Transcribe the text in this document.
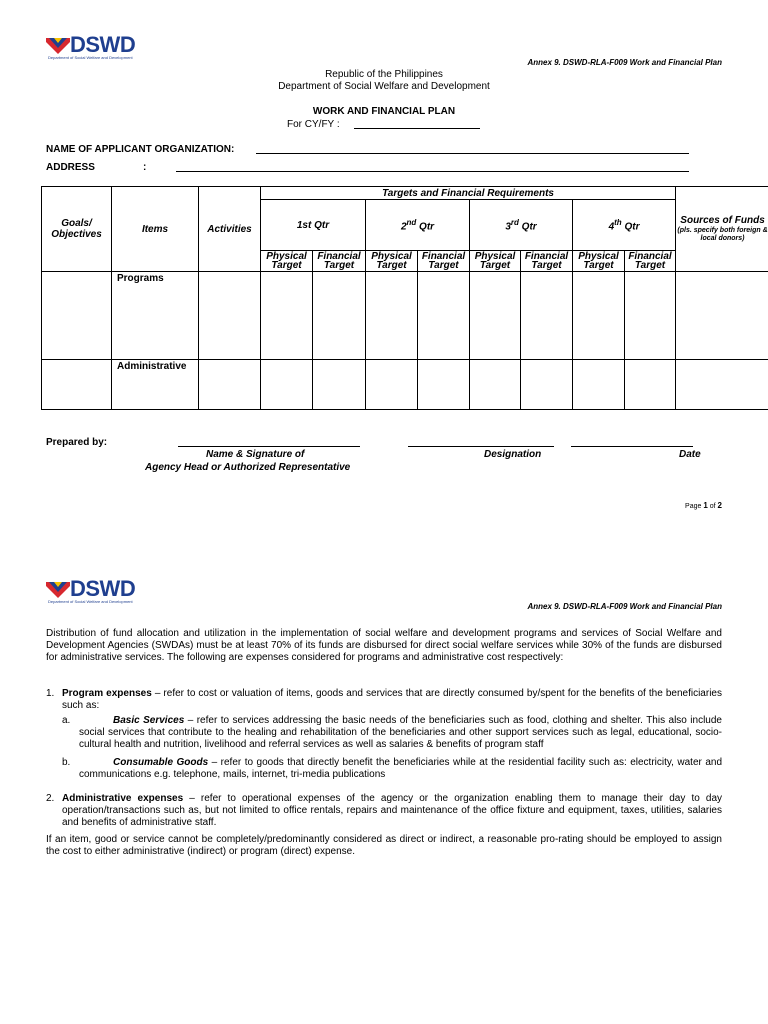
DSWD
Department of Social Welfare and Development
Annex 9. DSWD-RLA-F009 Work and Financial Plan
Republic of the Philippines
Department of Social Welfare and Development
WORK AND FINANCIAL PLAN
For CY/FY :
NAME OF APPLICANT ORGANIZATION:
ADDRESS	:
Goals/ Objectives	Items	Activities	Targets and Financial Requirements								Sources of Funds
(pls. specify both foreign & local donors)

			1st Qtr		2nd Qtr		3rd Qtr		4th Qtr		
			Physical Target	Financial Target	Physical Target	Financial Target	Physical Target	Financial Target	Physical Target	Financial Target	
	Programs										
	Administrative										
Prepared by:
Name & Signature of
Agency Head or Authorized Representative
Designation	Date
Page 1 of 2
DSWD
Department of Social Welfare and Development
Annex 9. DSWD-RLA-F009 Work and Financial Plan
Distribution of fund allocation and utilization in the implementation of social welfare and development programs and services of Social Welfare and Development Agencies (SWDAs) must be at least 70% of its funds are disbursed for direct social welfare services while 30% of the funds are disbursed for administrative services. The following are expenses considered for programs and administrative cost respectively:
1. Program expenses – refer to cost or valuation of items, goods and services that are directly consumed by/spent for the benefits of the beneficiaries such as:
a.	Basic Services – refer to services addressing the basic needs of the beneficiaries such as food, clothing and shelter. This also include social services that contribute to the healing and rehabilitation of the beneficiaries and other support services such as legal, educational, socio-cultural health and nutrition, livelihood and referral services as well as salaries & benefits of program staff
b.	Consumable Goods – refer to goods that directly benefit the beneficiaries while at the residential facility such as: electricity, water and communications e.g. telephone, mails, internet, tri-media publications
2. Administrative expenses – refer to operational expenses of the agency or the organization enabling them to manage their day to day operation/transactions such as, but not limited to office rentals, repairs and maintenance of the office fixture and equipment, taxes, utilities, salaries and benefits of administrative staff.
If an item, good or service cannot be completely/predominantly considered as direct or indirect, a reasonable pro-rating should be employed to assign the cost to either administrative (indirect) or program (direct) expense.
